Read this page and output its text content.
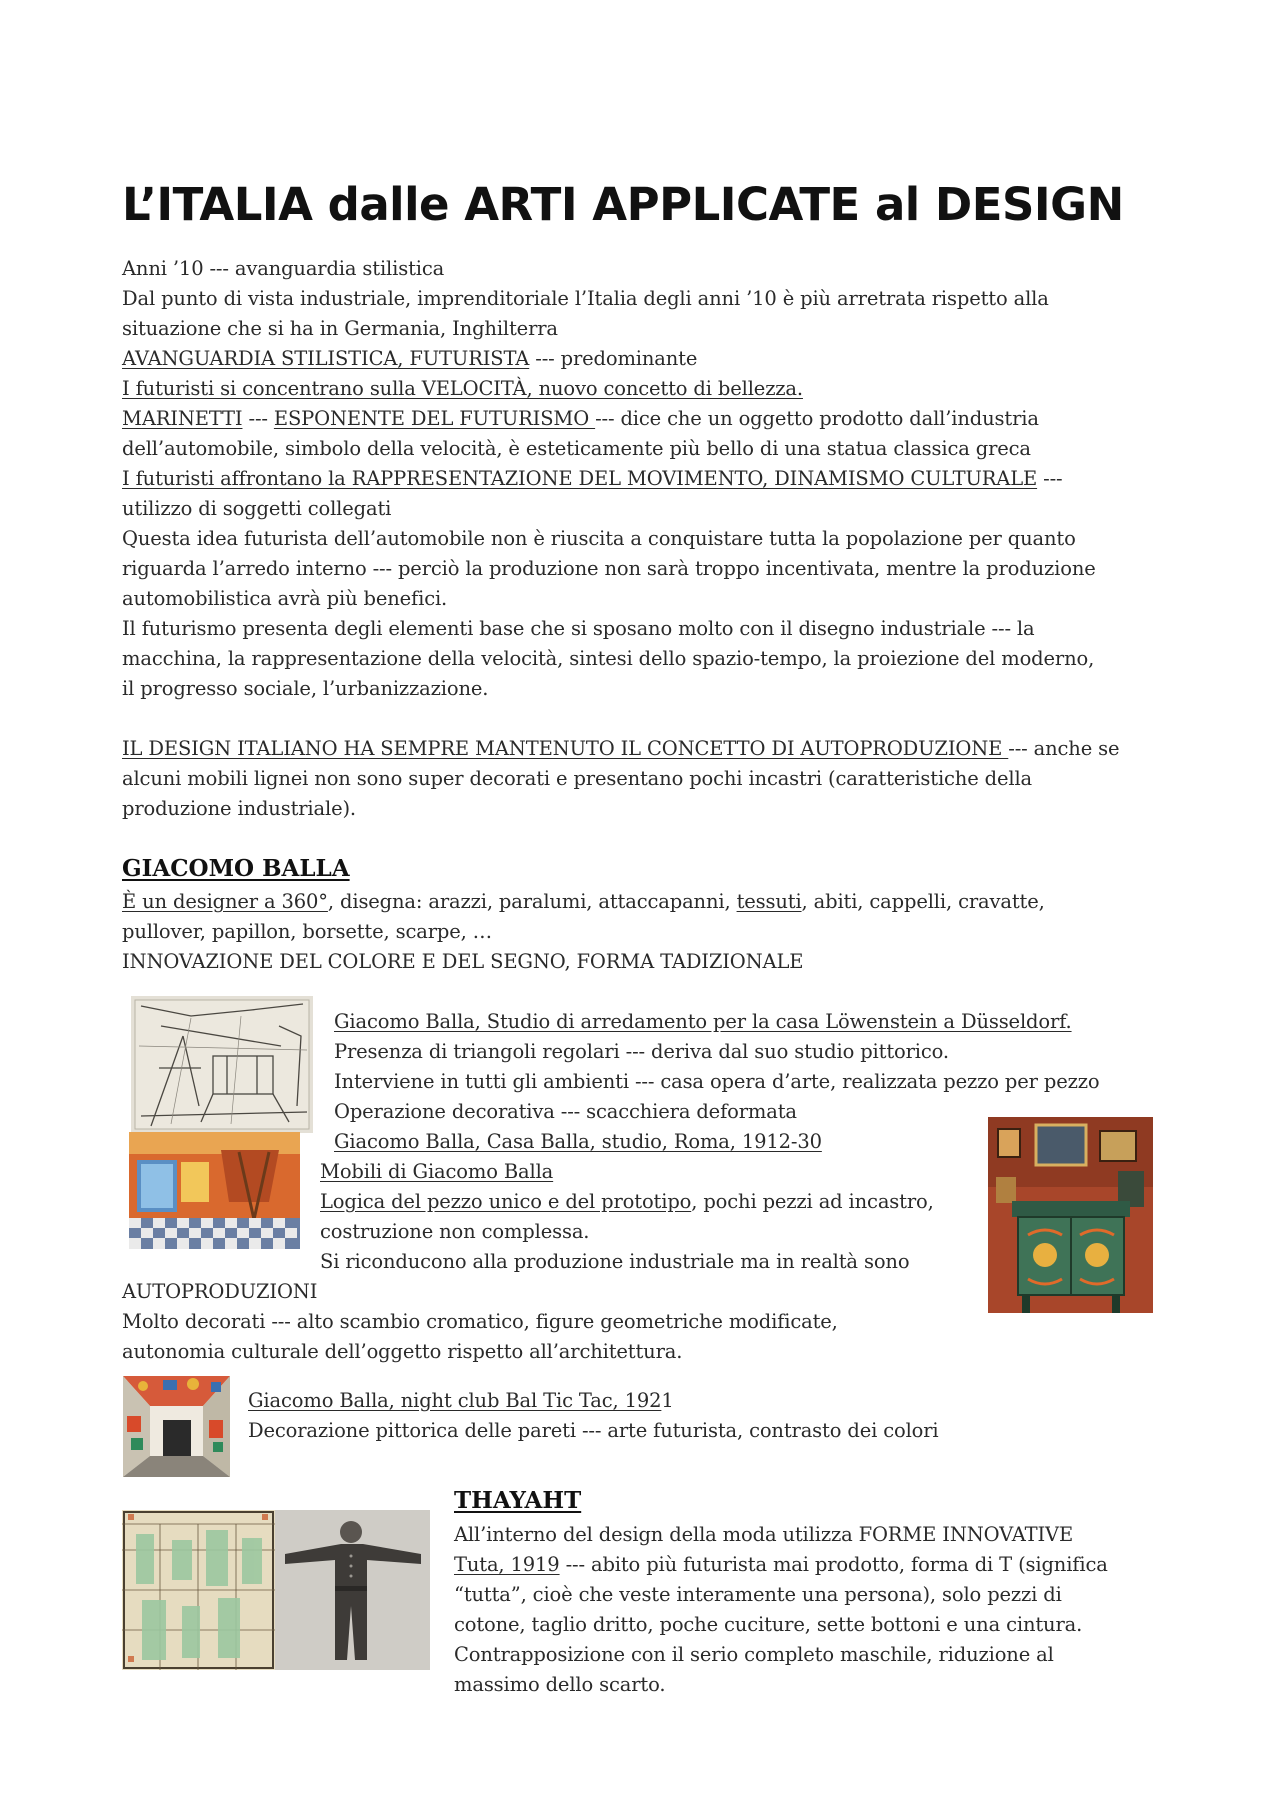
L’ITALIA dalle ARTI APPLICATE al DESIGN
Anni ’10 --- avanguardia stilistica
Dal punto di vista industriale, imprenditoriale l’Italia degli anni ’10 è più arretrata rispetto alla
situazione che si ha in Germania, Inghilterra
AVANGUARDIA STILISTICA, FUTURISTA --- predominante
I futuristi si concentrano sulla VELOCITÀ, nuovo concetto di bellezza.
MARINETTI --- ESPONENTE DEL FUTURISMO --- dice che un oggetto prodotto dall’industria
dell’automobile, simbolo della velocità, è esteticamente più bello di una statua classica greca
I futuristi affrontano la RAPPRESENTAZIONE DEL MOVIMENTO, DINAMISMO CULTURALE ---
utilizzo di soggetti collegati
Questa idea futurista dell’automobile non è riuscita a conquistare tutta la popolazione per quanto
riguarda l’arredo interno --- perciò la produzione non sarà troppo incentivata, mentre la produzione
automobilistica avrà più benefici.
Il futurismo presenta degli elementi base che si sposano molto con il disegno industriale --- la
macchina, la rappresentazione della velocità, sintesi dello spazio-tempo, la proiezione del moderno,
il progresso sociale, l’urbanizzazione.
IL DESIGN ITALIANO HA SEMPRE MANTENUTO IL CONCETTO DI AUTOPRODUZIONE --- anche se
alcuni mobili lignei non sono super decorati e presentano pochi incastri (caratteristiche della
produzione industriale).
GIACOMO BALLA
È un designer a 360°, disegna: arazzi, paralumi, attaccapanni, tessuti, abiti, cappelli, cravatte,
pullover, papillon, borsette, scarpe, …
INNOVAZIONE DEL COLORE E DEL SEGNO, FORMA TADIZIONALE
Giacomo Balla, Studio di arredamento per la casa Löwenstein a Düsseldorf.
Presenza di triangoli regolari --- deriva dal suo studio pittorico.
Interviene in tutti gli ambienti --- casa opera d’arte, realizzata pezzo per pezzo
Operazione decorativa --- scacchiera deformata
Giacomo Balla, Casa Balla, studio, Roma, 1912-30
Mobili di Giacomo Balla
Logica del pezzo unico e del prototipo, pochi pezzi ad incastro,
costruzione non complessa.
Si riconducono alla produzione industriale ma in realtà sono
AUTOPRODUZIONI
Molto decorati --- alto scambio cromatico, figure geometriche modificate,
autonomia culturale dell’oggetto rispetto all’architettura.
Giacomo Balla, night club Bal Tic Tac, 1921
Decorazione pittorica delle pareti --- arte futurista, contrasto dei colori
THAYAHT
All’interno del design della moda utilizza FORME INNOVATIVE
Tuta, 1919 --- abito più futurista mai prodotto, forma di T (significa
“tutta”, cioè che veste interamente una persona), solo pezzi di
cotone, taglio dritto, poche cuciture, sette bottoni e una cintura.
Contrapposizione con il serio completo maschile, riduzione al
massimo dello scarto.
